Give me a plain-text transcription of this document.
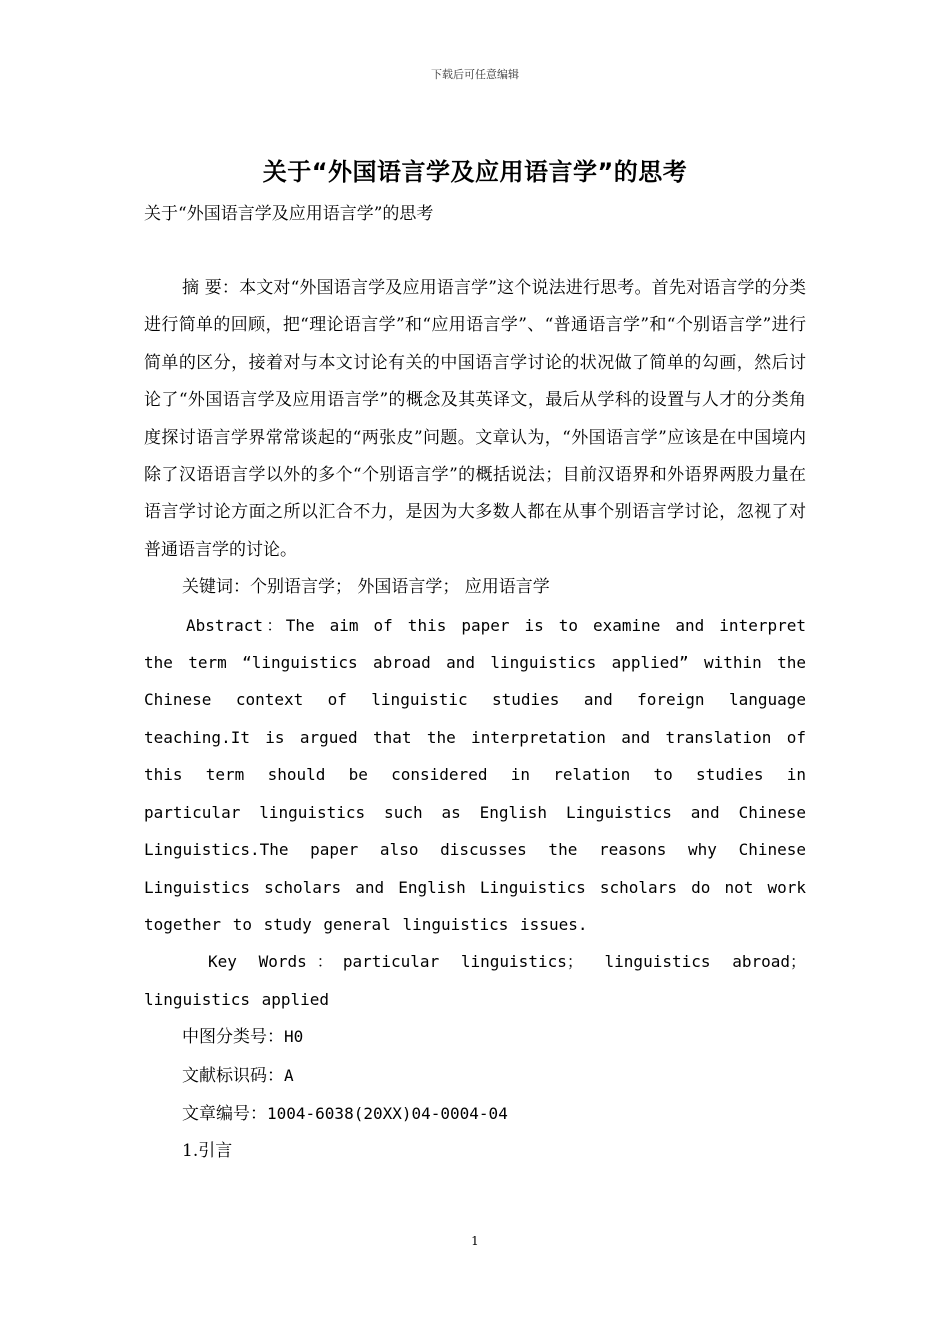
下载后可任意编辑
关于“外国语言学及应用语言学”的思考

关于“外国语言学及应用语言学”的思考

摘 要：本文对“外国语言学及应用语言学”这个说法进行思考。首先对语言学的分类进行简单的回顾，把“理论语言学”和“应用语言学”、“普通语言学”和“个别语言学”进行简单的区分，接着对与本文讨论有关的中国语言学讨论的状况做了简单的勾画，然后讨论了“外国语言学及应用语言学”的概念及其英译文，最后从学科的设置与人才的分类角度探讨语言学界常常谈起的“两张皮”问题。文章认为，“外国语言学”应该是在中国境内除了汉语语言学以外的多个“个别语言学”的概括说法；目前汉语界和外语界两股力量在语言学讨论方面之所以汇合不力，是因为大多数人都在从事个别语言学讨论，忽视了对普通语言学的讨论。

关键词：个别语言学； 外国语言学； 应用语言学

Abstract：The aim of this paper is to examine and interpret the term “linguistics abroad and linguistics applied” within the Chinese context of linguistic studies and foreign language teaching.It is argued that the interpretation and translation of this term should be considered in relation to studies in particular linguistics such as English Linguistics and Chinese Linguistics.The paper also discusses the reasons why Chinese Linguistics scholars and English Linguistics scholars do not work together to study general linguistics issues.

Key Words：particular linguistics； linguistics abroad；linguistics applied

中图分类号：H0

文献标识码：A

文章编号：1004-6038(20XX)04-0004-04

1.引言

1
